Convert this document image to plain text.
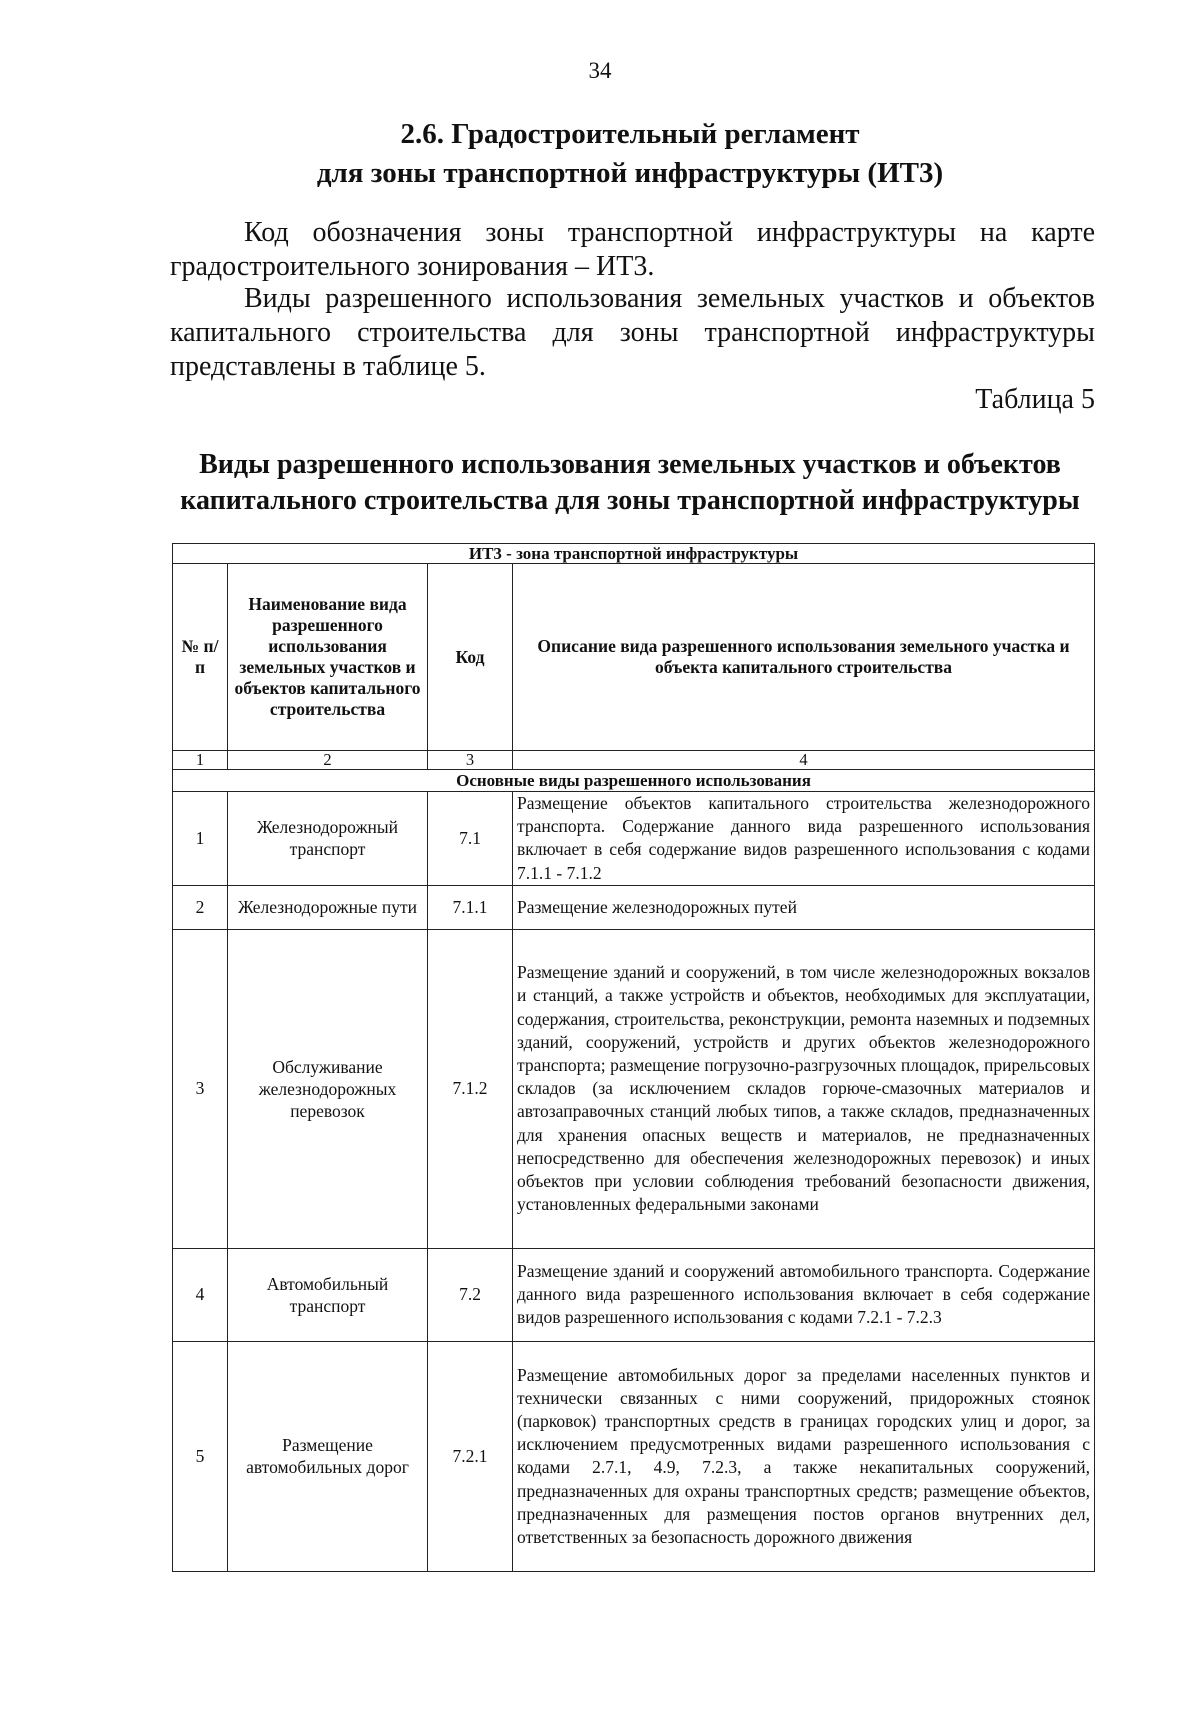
34
2.6. Градостроительный регламент
для зоны транспортной инфраструктуры (ИТ3)
Код обозначения зоны транспортной инфраструктуры на карте
градостроительного зонирования – ИТ3.
Виды разрешенного использования земельных участков и объектов
капитального строительства для зоны транспортной инфраструктуры
представлены в таблице 5.
Таблица 5
Виды разрешенного использования земельных участков и объектов
капитального строительства для зоны транспортной инфраструктуры
ИТ3 - зона транспортной инфраструктуры			
№ п/п	Наименование вида разрешенного использования земельных участков и объектов капитального строительства	Код	Описание вида разрешенного использования земельного участка и объекта капитального строительства
1	2	3	4
Основные виды разрешенного использования			
1	Железнодорожный транспорт	7.1	Размещение объектов капитального строительства железнодорожного транспорта. Содержание данного вида разрешенного использования включает в себя содержание видов разрешенного использования с кодами 7.1.1 - 7.1.2
2	Железнодорожные пути	7.1.1	Размещение железнодорожных путей
3	Обслуживание железнодорожных перевозок	7.1.2	Размещение зданий и сооружений, в том числе железнодорожных вокзалов и станций, а также устройств и объектов, необходимых для эксплуатации, содержания, строительства, реконструкции, ремонта наземных и подземных зданий, сооружений, устройств и других объектов железнодорожного транспорта; размещение погрузочно-разгрузочных площадок, прирельсовых складов (за исключением складов горюче-смазочных материалов и автозаправочных станций любых типов, а также складов, предназначенных для хранения опасных веществ и материалов, не предназначенных непосредственно для обеспечения железнодорожных перевозок) и иных объектов при условии соблюдения требований безопасности движения, установленных федеральными законами
4	Автомобильный транспорт	7.2	Размещение зданий и сооружений автомобильного транспорта. Содержание данного вида разрешенного использования включает в себя содержание видов разрешенного использования с кодами 7.2.1 - 7.2.3
5	Размещение автомобильных дорог	7.2.1	Размещение автомобильных дорог за пределами населенных пунктов и технически связанных с ними сооружений, придорожных стоянок (парковок) транспортных средств в границах городских улиц и дорог, за исключением предусмотренных видами разрешенного использования с кодами 2.7.1, 4.9, 7.2.3, а также некапитальных сооружений, предназначенных для охраны транспортных средств; размещение объектов, предназначенных для размещения постов органов внутренних дел, ответственных за безопасность дорожного движения
